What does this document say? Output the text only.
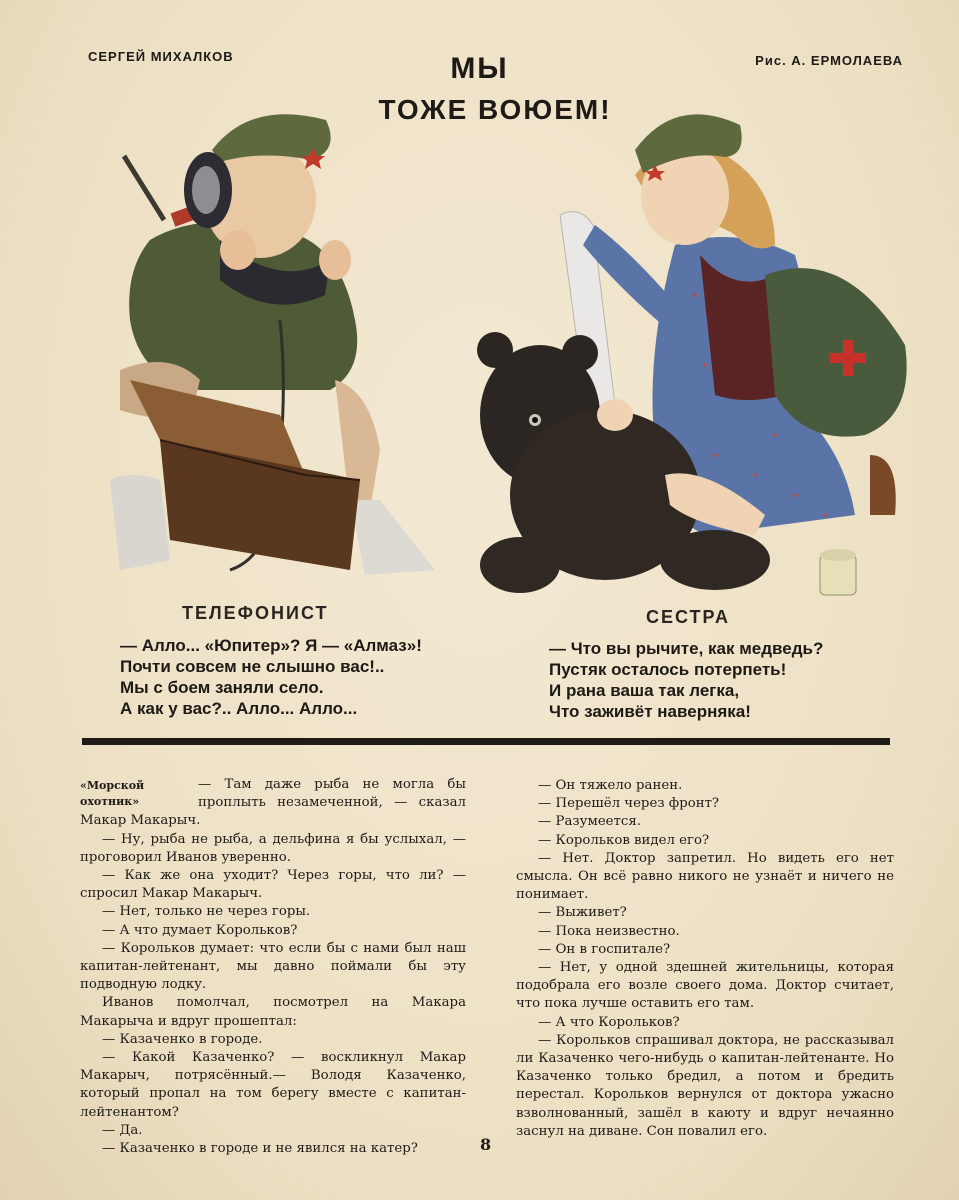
СЕРГЕЙ МИХАЛКОВ	Рис. А. ЕРМОЛАЕВА
МЫ
ТОЖЕ ВОЮЕМ!
ТЕЛЕФОНИСТ	СЕСТРА
— Алло... «Юпитер»? Я — «Алмаз»!
Почти совсем не слышно вас!..
Мы с боем заняли село.
А как у вас?.. Алло... Алло...
— Что вы рычите, как медведь?
Пустяк осталось потерпеть!
И рана ваша так легка,
Что заживёт наверняка!
«Морской охотник»

— Там даже рыба не могла бы проплыть незамеченной, — сказал Макар Макарыч.

— Ну, рыба не рыба, а дельфина я бы услыхал, — проговорил Иванов уверенно.

— Как же она уходит? Через горы, что ли? — спросил Макар Макарыч.

— Нет, только не через горы.

— А что думает Корольков?

— Корольков думает: что если бы с нами был наш капитан-лейтенант, мы давно поймали бы эту подводную лодку.

Иванов помолчал, посмотрел на Макара Макарыча и вдруг прошептал:

— Казаченко в городе.

— Какой Казаченко? — воскликнул Макар Макарыч, потрясённый.— Володя Казаченко, который пропал на том берегу вместе с капитан-лейтенантом?

— Да.

— Казаченко в городе и не явился на катер?

— Он тяжело ранен.

— Перешёл через фронт?

— Разумеется.

— Корольков видел его?

— Нет. Доктор запретил. Но видеть его нет смысла. Он всё равно никого не узнаёт и ничего не понимает.

— Выживет?

— Пока неизвестно.

— Он в госпитале?

— Нет, у одной здешней жительницы, которая подобрала его возле своего дома. Доктор считает, что пока лучше оставить его там.

— А что Корольков?

— Корольков спрашивал доктора, не рассказывал ли Казаченко чего-нибудь о капитан-лейтенанте. Но Казаченко только бредил, а потом и бредить перестал. Корольков вернулся от доктора ужасно взволнованный, зашёл в каюту и вдруг нечаянно заснул на диване. Сон повалил его.

8
